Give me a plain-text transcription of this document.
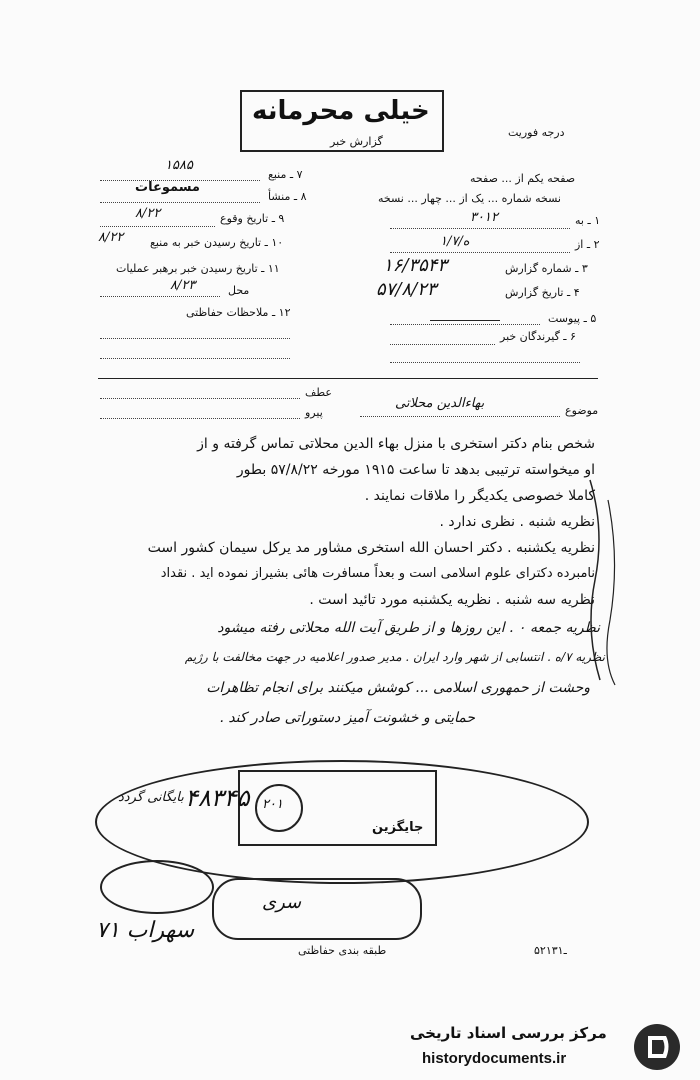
خیلی محرمانه
گزارش خبر
درجه فوریت
صفحه یکم از ... صفحه
نسخه شماره ... یک از ... چهار ... نسخه
۱ ـ به
۳۰۱۲
۲ ـ از
۱/۷/ه
۳ ـ شماره گزارش
۱۶/۳۵۴۳
۴ ـ تاریخ گزارش
۵۷/۸/۲۳
۵ ـ پیوست
۶ ـ گیرندگان خبر
۷ ـ منبع
۱۵۸۵
۸ ـ منشأ
مسموعات
۹ ـ تاریخ وقوع
۸/۲۲
۱۰ ـ تاریخ رسیدن خبر به منبع
۸/۲۲
۱۱ ـ تاریخ رسیدن خبر برهبر عملیات
محل
۸/۲۳
۱۲ ـ ملاحظات حفاظتی
عطف
پیرو	موضوع
بهاءالدین محلاتی
شخص بنام دکتر استخری با منزل بهاء الدین محلاتی تماس گرفته و از
او میخواسته ترتیبی بدهد تا ساعت ۱۹۱۵ مورخه ۵۷/۸/۲۲ بطور
کاملا خصوصی یکدیگر را ملاقات نمایند .
نظریه شنبه . نظری ندارد .
نظریه یکشنبه . دکتر احسان الله استخری مشاور مد یرکل سیمان کشور است
نامبرده دکترای علوم اسلامی است و بعداً مسافرت هائی بشیراز نموده اید . نقداد
نظریه سه شنبه . نظریه یکشنبه مورد تائید است .
نظریه جمعه ۰ . این روزها و از طریق آیت الله محلاتی رفته میشود
نظریه ۷/ه . انتسابی از شهر وارد ایران . مدیر صدور اعلامیه در جهت مخالفت با رژیم
وحشت از حمهوری اسلامی ... کوشش میکنند برای انجام تظاهرات
حمایتی و خشونت آمیز دستوراتی صادر کند .
جایگزین
۴۸۳۴۵
بایگانی گردد	۲۰۱
سهراب ۷۱
سری
طبقه بندی حفاظتی	۵۲ـ۱۳۱
مرکز بررسی اسناد تاریخی
historydocuments.ir
